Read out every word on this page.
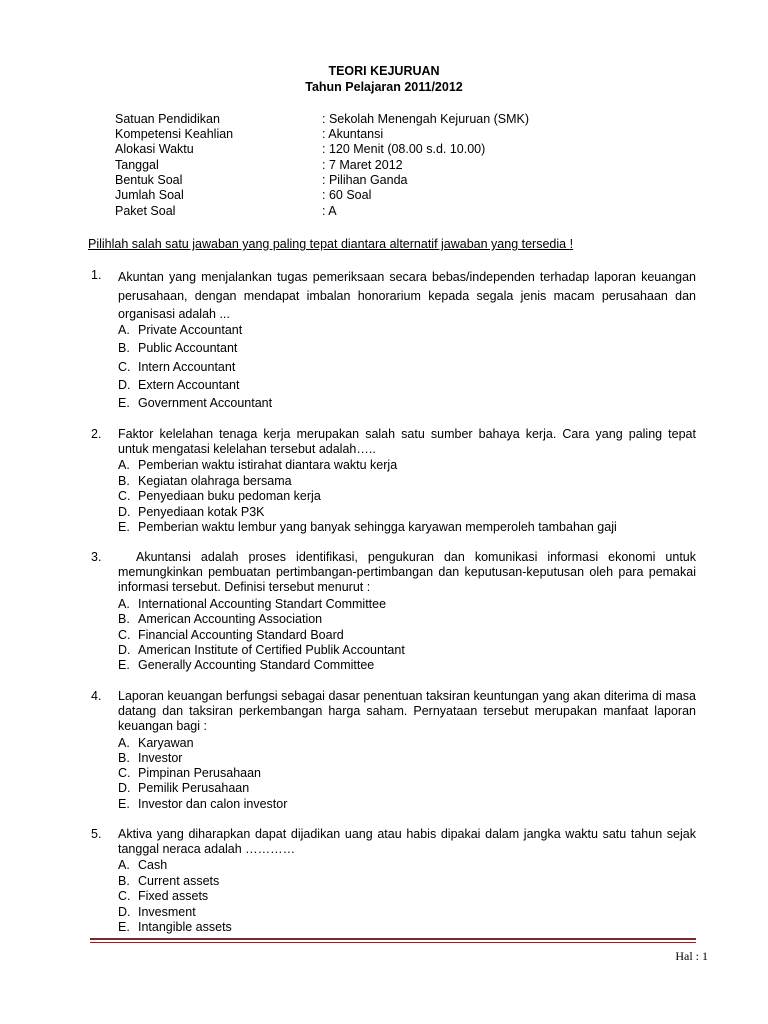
TEORI KEJURUAN
Tahun Pelajaran 2011/2012
Satuan Pendidikan	: Sekolah Menengah Kejuruan (SMK)
Kompetensi Keahlian	: Akuntansi
Alokasi Waktu	: 120 Menit (08.00 s.d. 10.00)
Tanggal	: 7 Maret 2012
Bentuk Soal	: Pilihan Ganda
Jumlah Soal	: 60 Soal
Paket Soal	: A
Pilihlah salah satu jawaban yang paling tepat diantara alternatif jawaban yang tersedia !
1. Akuntan yang menjalankan tugas pemeriksaan secara bebas/independen terhadap laporan keuangan perusahaan, dengan mendapat imbalan honorarium kepada segala jenis macam perusahaan dan organisasi adalah ...
A. Private Accountant
B. Public Accountant
C. Intern Accountant
D. Extern Accountant
E. Government Accountant
2. Faktor kelelahan tenaga kerja merupakan salah satu sumber bahaya kerja. Cara yang paling tepat untuk mengatasi kelelahan tersebut adalah…..
A. Pemberian waktu istirahat diantara waktu kerja
B. Kegiatan olahraga bersama
C. Penyediaan buku pedoman kerja
D. Penyediaan kotak P3K
E. Pemberian waktu lembur yang banyak sehingga karyawan memperoleh tambahan gaji
3.	Akuntansi adalah proses identifikasi, pengukuran dan komunikasi informasi ekonomi untuk memungkinkan pembuatan pertimbangan-pertimbangan dan keputusan-keputusan oleh para pemakai informasi tersebut. Definisi tersebut menurut :
A. International Accounting Standart Committee
B. American Accounting Association
C. Financial Accounting Standard Board
D. American Institute of Certified Publik Accountant
E. Generally Accounting Standard Committee
4. Laporan keuangan berfungsi sebagai dasar penentuan taksiran keuntungan yang akan diterima di masa datang dan taksiran perkembangan harga saham. Pernyataan tersebut merupakan manfaat laporan keuangan bagi :
A. Karyawan
B. Investor
C. Pimpinan Perusahaan
D. Pemilik Perusahaan
E. Investor dan calon investor
5. Aktiva yang diharapkan dapat dijadikan uang atau habis dipakai dalam jangka waktu satu tahun sejak tanggal neraca adalah …………
A. Cash
B. Current assets
C. Fixed assets
D. Invesment
E. Intangible assets
Hal : 1
